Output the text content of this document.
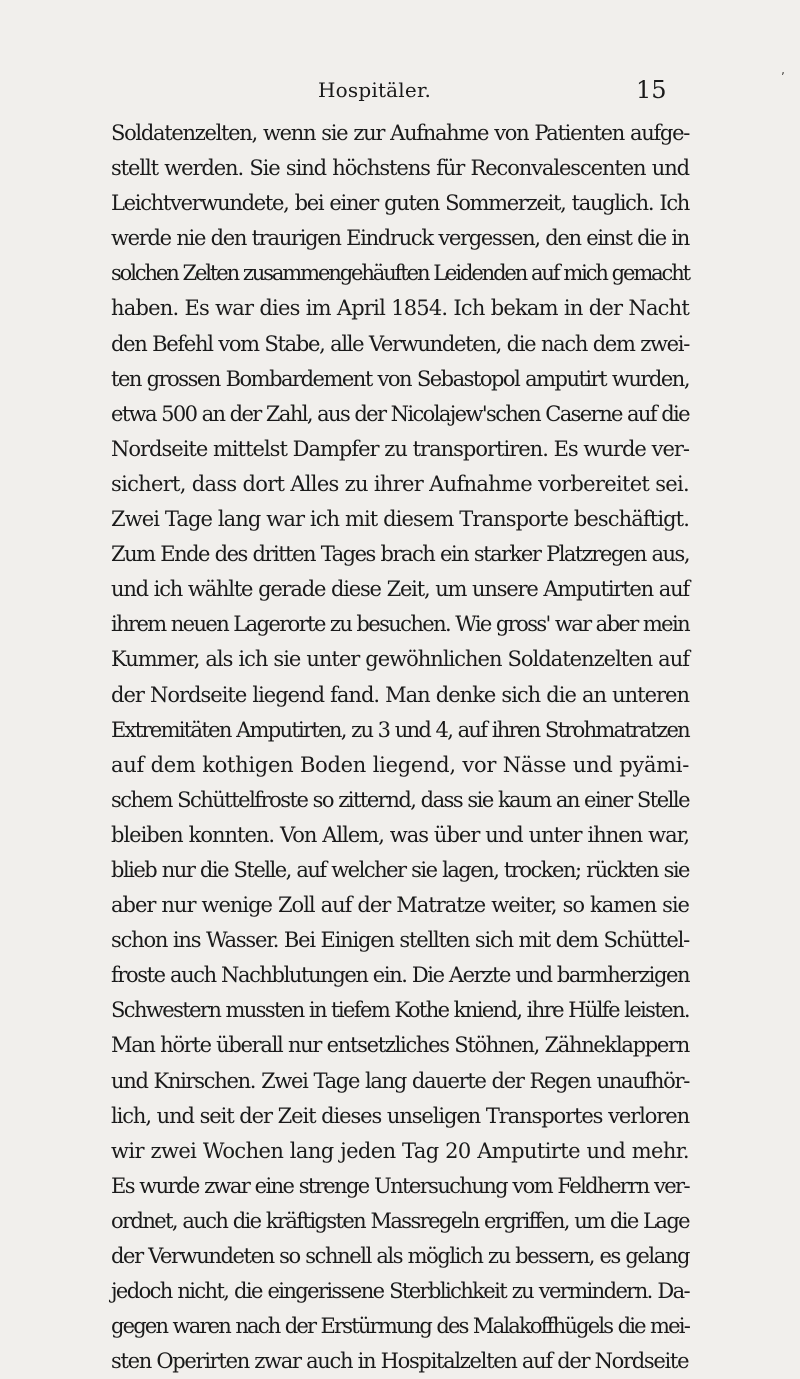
Hospitäler.	15
Soldatenzelten, wenn sie zur Aufnahme von Patienten aufge-
stellt werden. Sie sind höchstens für Reconvalescenten und
Leichtverwundete, bei einer guten Sommerzeit, tauglich. Ich
werde nie den traurigen Eindruck vergessen, den einst die in
solchen Zelten zusammengehäuften Leidenden auf mich gemacht
haben. Es war dies im April 1854. Ich bekam in der Nacht
den Befehl vom Stabe, alle Verwundeten, die nach dem zwei-
ten grossen Bombardement von Sebastopol amputirt wurden,
etwa 500 an der Zahl, aus der Nicolajew'schen Caserne auf die
Nordseite mittelst Dampfer zu transportiren. Es wurde ver-
sichert, dass dort Alles zu ihrer Aufnahme vorbereitet sei.
Zwei Tage lang war ich mit diesem Transporte beschäftigt.
Zum Ende des dritten Tages brach ein starker Platzregen aus,
und ich wählte gerade diese Zeit, um unsere Amputirten auf
ihrem neuen Lagerorte zu besuchen. Wie gross' war aber mein
Kummer, als ich sie unter gewöhnlichen Soldatenzelten auf
der Nordseite liegend fand. Man denke sich die an unteren
Extremitäten Amputirten, zu 3 und 4, auf ihren Strohmatratzen
auf dem kothigen Boden liegend, vor Nässe und pyämi-
schem Schüttelfroste so zitternd, dass sie kaum an einer Stelle
bleiben konnten. Von Allem, was über und unter ihnen war,
blieb nur die Stelle, auf welcher sie lagen, trocken; rückten sie
aber nur wenige Zoll auf der Matratze weiter, so kamen sie
schon ins Wasser. Bei Einigen stellten sich mit dem Schüttel-
froste auch Nachblutungen ein. Die Aerzte und barmherzigen
Schwestern mussten in tiefem Kothe kniend, ihre Hülfe leisten.
Man hörte überall nur entsetzliches Stöhnen, Zähneklappern
und Knirschen. Zwei Tage lang dauerte der Regen unaufhör-
lich, und seit der Zeit dieses unseligen Transportes verloren
wir zwei Wochen lang jeden Tag 20 Amputirte und mehr.
Es wurde zwar eine strenge Untersuchung vom Feldherrn ver-
ordnet, auch die kräftigsten Massregeln ergriffen, um die Lage
der Verwundeten so schnell als möglich zu bessern, es gelang
jedoch nicht, die eingerissene Sterblichkeit zu vermindern. Da-
gegen waren nach der Erstürmung des Malakoffhügels die mei-
sten Operirten zwar auch in Hospitalzelten auf der Nordseite
ʼ
